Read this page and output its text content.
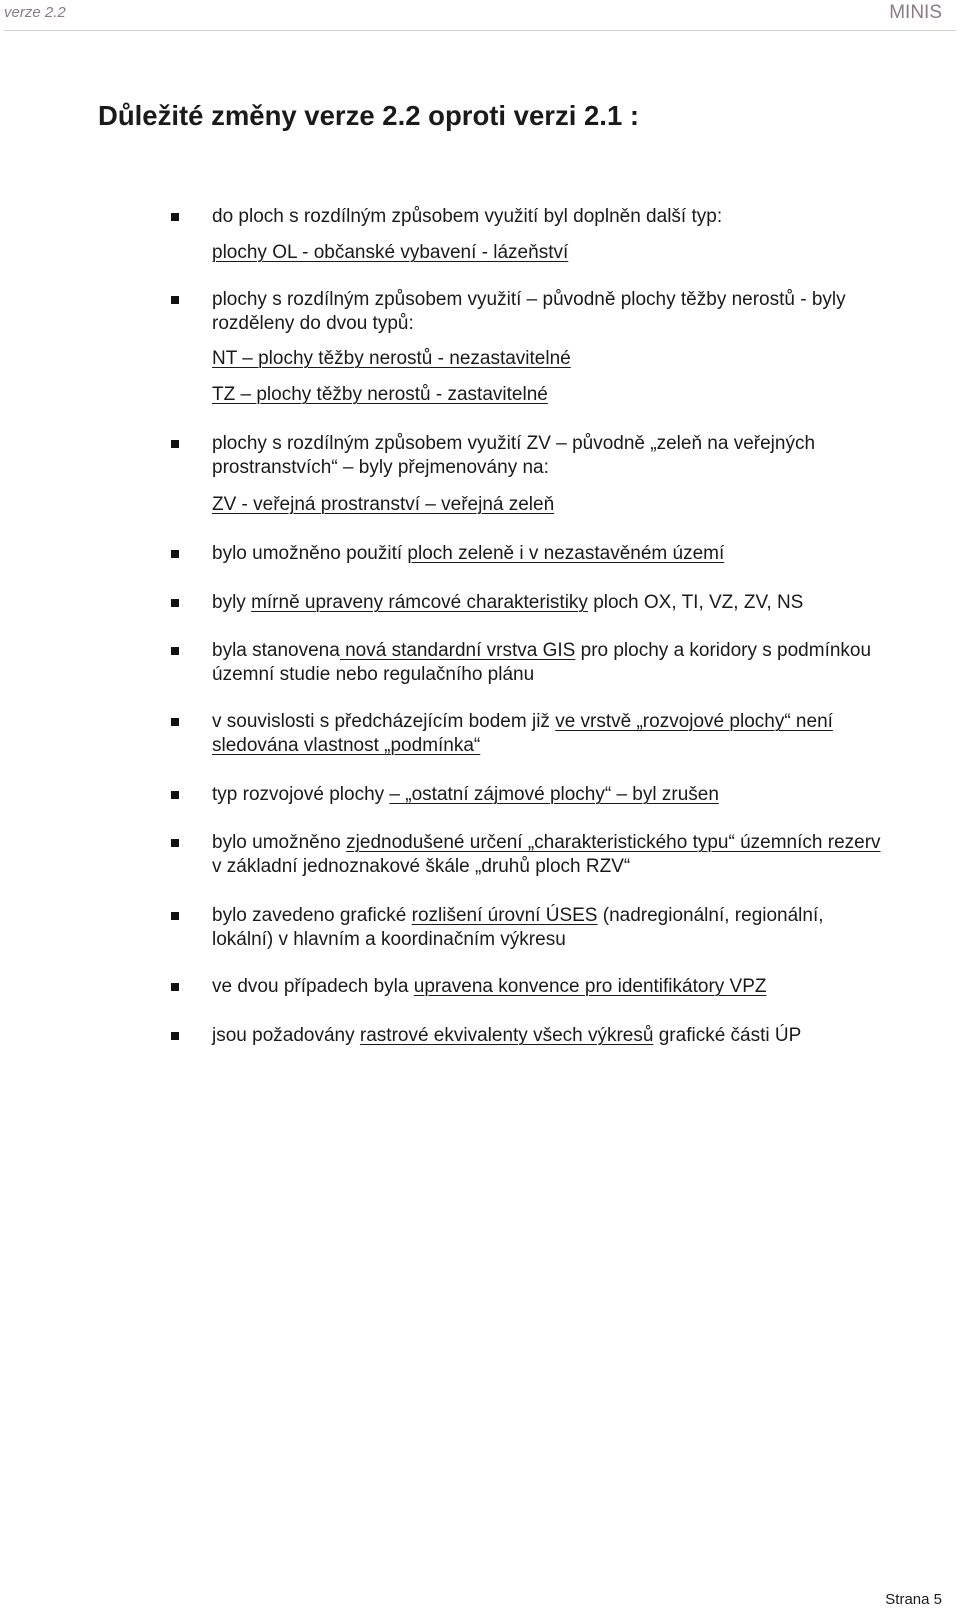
verze 2.2	MINIS
Důležité změny verze 2.2 oproti verzi 2.1 :
do ploch s rozdílným způsobem využití byl doplněn další typ:
plochy OL - občanské vybavení - lázeňství
plochy s rozdílným způsobem využití – původně plochy těžby nerostů - byly
rozděleny do dvou typů:
NT – plochy těžby nerostů - nezastavitelné
TZ – plochy těžby nerostů - zastavitelné
plochy s rozdílným způsobem využití ZV – původně „zeleň na veřejných
prostranstvích“ – byly přejmenovány na:
ZV - veřejná prostranství – veřejná zeleň
bylo umožněno použití ploch zeleně i v nezastavěném území
byly mírně upraveny rámcové charakteristiky ploch OX, TI, VZ, ZV, NS
byla stanovena nová standardní vrstva GIS pro plochy a koridory s podmínkou
územní studie nebo regulačního plánu
v souvislosti s předcházejícím bodem již ve vrstvě „rozvojové plochy“ není
sledována vlastnost „podmínka“
typ rozvojové plochy – „ostatní zájmové plochy“ – byl zrušen
bylo umožněno zjednodušené určení „charakteristického typu“ územních rezerv
v základní jednoznakové škále „druhů ploch RZV“
bylo zavedeno grafické rozlišení úrovní ÚSES (nadregionální, regionální,
lokální) v hlavním a koordinačním výkresu
ve dvou případech byla upravena konvence pro identifikátory VPZ
jsou požadovány rastrové ekvivalenty všech výkresů grafické části ÚP
Strana 5
